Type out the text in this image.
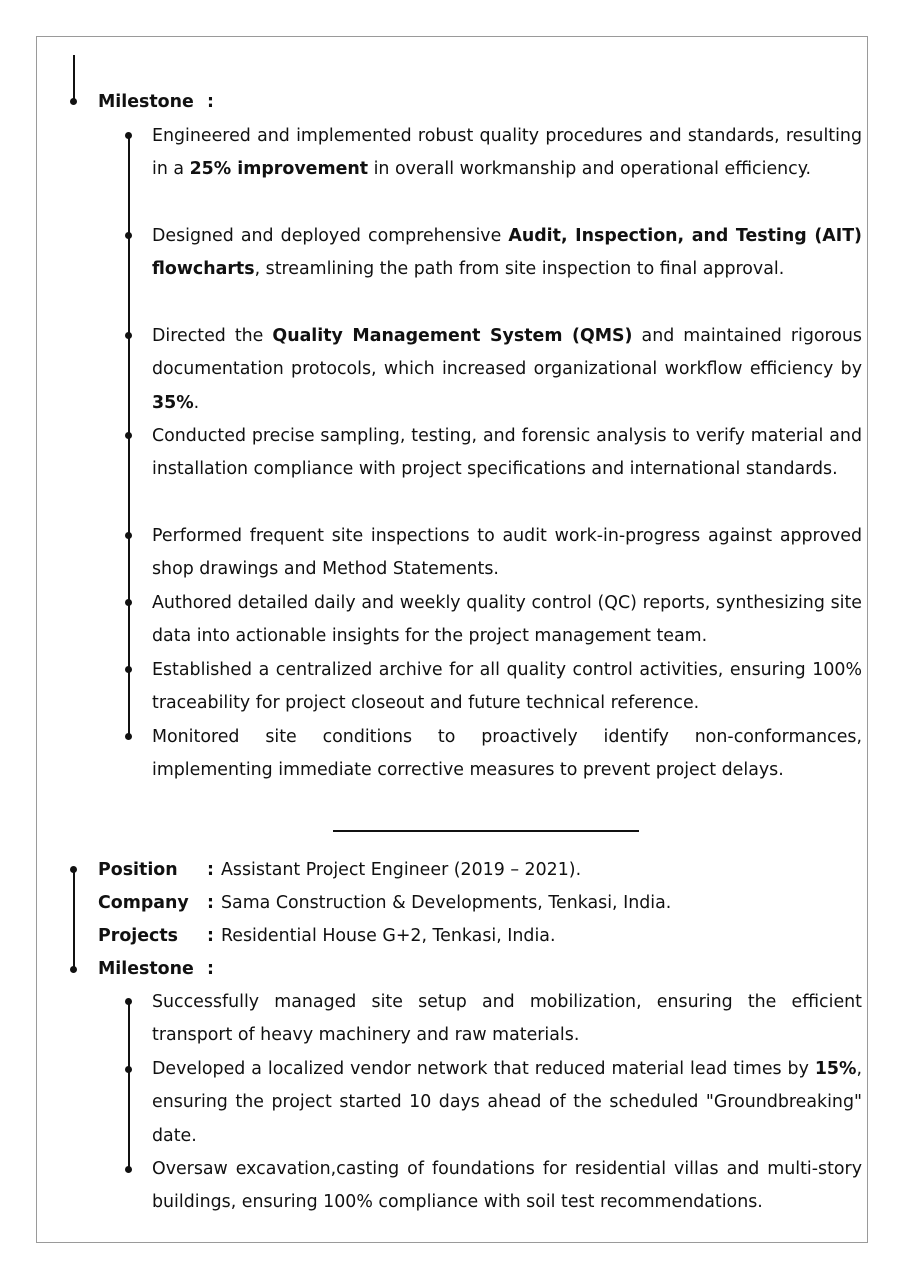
Milestone :

Engineered and implemented robust quality procedures and standards, resulting in a 25% improvement in overall workmanship and operational efficiency.

Designed and deployed comprehensive Audit, Inspection, and Testing (AIT) flowcharts, streamlining the path from site inspection to final approval.

Directed the Quality Management System (QMS) and maintained rigorous documentation protocols, which increased organizational workflow efficiency by 35%.

Conducted precise sampling, testing, and forensic analysis to verify material and installation compliance with project specifications and international standards.

Performed frequent site inspections to audit work-in-progress against approved shop drawings and Method Statements.

Authored detailed daily and weekly quality control (QC) reports, synthesizing site data into actionable insights for the project management team.

Established a centralized archive for all quality control activities, ensuring 100% traceability for project closeout and future technical reference.

Monitored site conditions to proactively identify non-conformances, implementing immediate corrective measures to prevent project delays.

Position : Assistant Project Engineer (2019 – 2021).
Company : Sama Construction & Developments, Tenkasi, India.
Projects : Residential House G+2, Tenkasi, India.
Milestone :

Successfully managed site setup and mobilization, ensuring the efficient transport of heavy machinery and raw materials.

Developed a localized vendor network that reduced material lead times by 15%, ensuring the project started 10 days ahead of the scheduled "Groundbreaking" date.

Oversaw excavation,casting of foundations for residential villas and multi-story buildings, ensuring 100% compliance with soil test recommendations.
